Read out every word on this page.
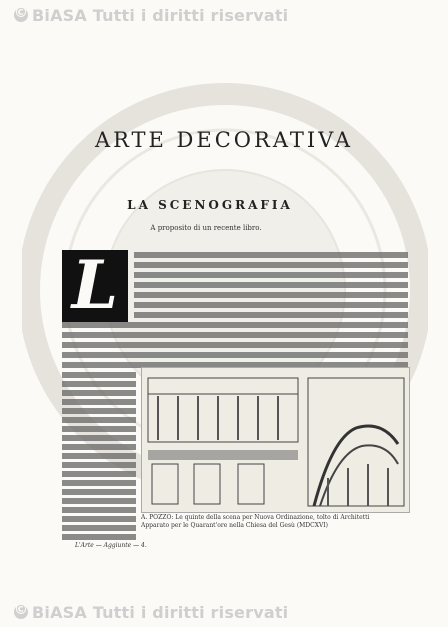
©BiASA Tutti i diritti riservati
ARTE DECORATIVA
LA SCENOGRAFIA
A proposito di un recente libro.
L
A. POZZO: Le quinte della scena per Nuova Ordinazione, tolto di Architetti
Apparato per le Quarant'ore nella Chiesa del Gesù (MDCXVI)
L'Arte — Aggiunte — 4.
©BiASA Tutti i diritti riservati
